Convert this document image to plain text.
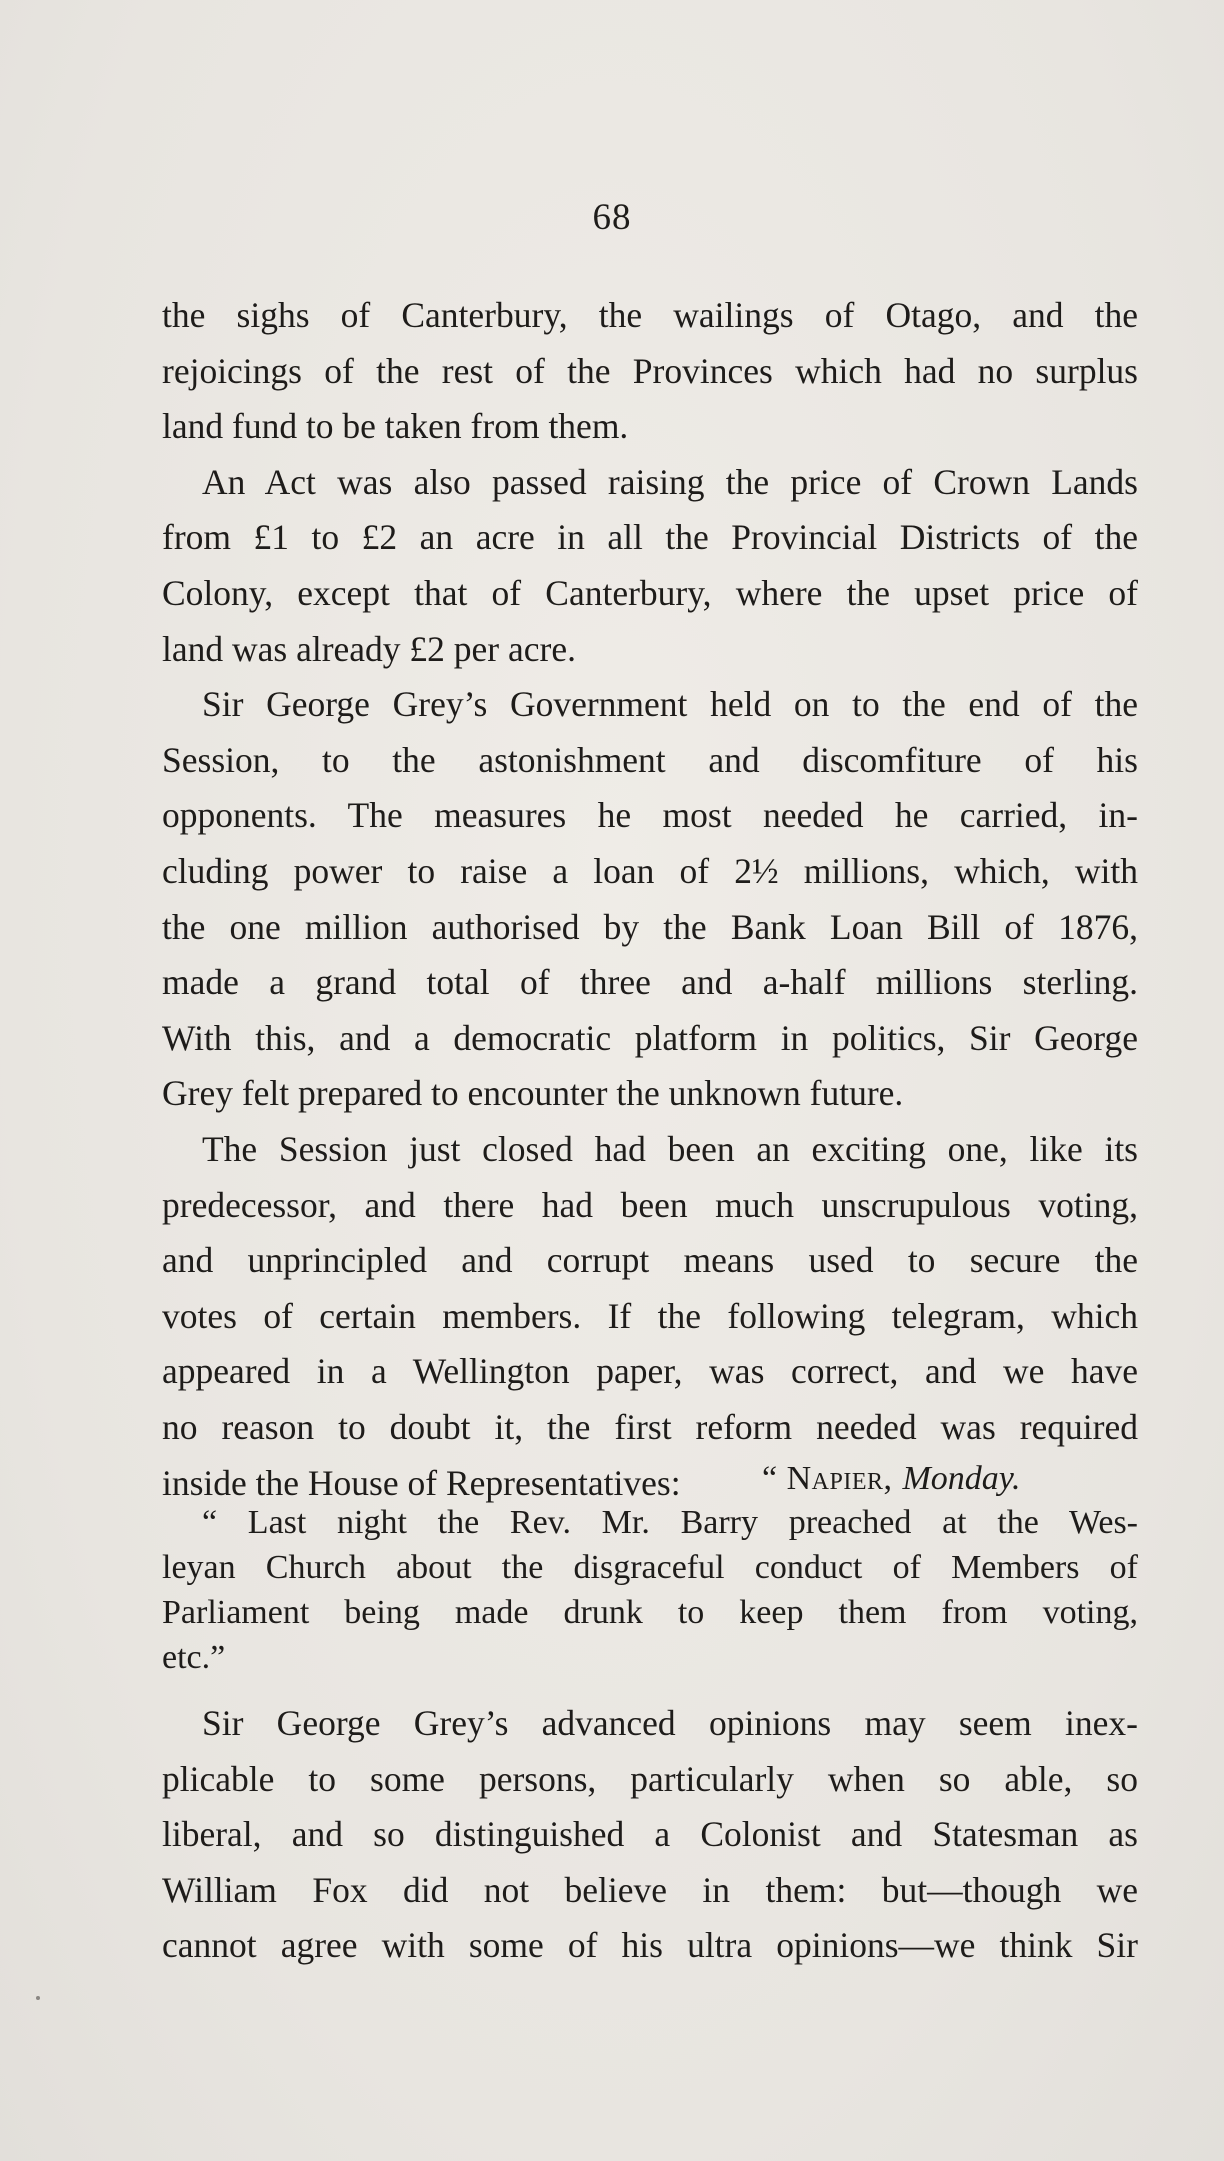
68
the sighs of Canterbury, the wailings of Otago, and the
rejoicings of the rest of the Provinces which had no surplus
land fund to be taken from them.
An Act was also passed raising the price of Crown Lands
from £1 to £2 an acre in all the Provincial Districts of the
Colony, except that of Canterbury, where the upset price of
land was already £2 per acre.
Sir George Grey’s Government held on to the end of the
Session, to the astonishment and discomfiture of his
opponents. The measures he most needed he carried, in-
cluding power to raise a loan of 2½ millions, which, with
the one million authorised by the Bank Loan Bill of 1876,
made a grand total of three and a-half millions sterling.
With this, and a democratic platform in politics, Sir George
Grey felt prepared to encounter the unknown future.
The Session just closed had been an exciting one, like its
predecessor, and there had been much unscrupulous voting,
and unprincipled and corrupt means used to secure the
votes of certain members. If the following telegram, which
appeared in a Wellington paper, was correct, and we have
no reason to doubt it, the first reform needed was required
inside the House of Representatives:	“ Napier, Monday.
“ Last night the Rev. Mr. Barry preached at the Wes-
leyan Church about the disgraceful conduct of Members of
Parliament being made drunk to keep them from voting,
etc.”
Sir George Grey’s advanced opinions may seem inex-
plicable to some persons, particularly when so able, so
liberal, and so distinguished a Colonist and Statesman as
William Fox did not believe in them: but—though we
cannot agree with some of his ultra opinions—we think Sir
